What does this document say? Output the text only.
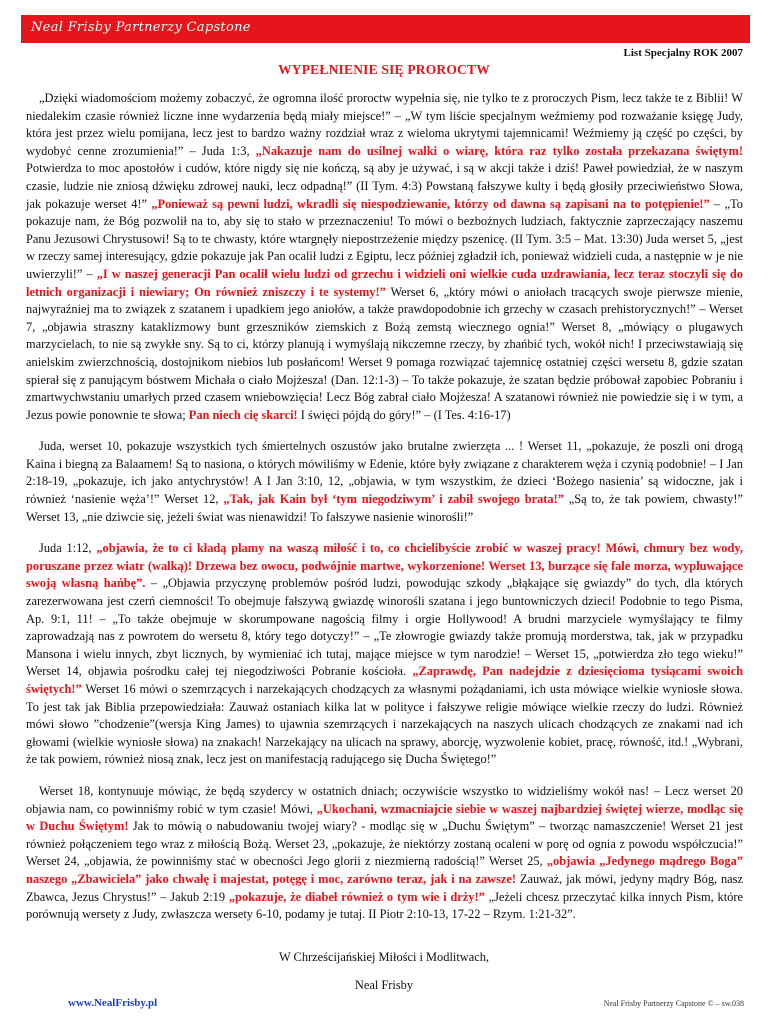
Neal Frisby Partnerzy Capstone
List Specjalny ROK 2007
WYPEŁNIENIE SIĘ PROROCTW

„Dzięki wiadomościom możemy zobaczyć, że ogromna ilość proroctw wypełnia się, nie tylko te z proroczych Pism, lecz także te z Biblii! W niedalekim czasie również liczne inne wydarzenia będą miały miejsce!” – „W tym liście specjalnym weźmiemy pod rozważanie księgę Judy, która jest przez wielu pomijana, lecz jest to bardzo ważny rozdział wraz z wieloma ukrytymi tajemnicami! Weźmiemy ją część po części, by wydobyć cenne zrozumienia!” – Juda 1:3, „Nakazuje nam do usilnej walki o wiarę, która raz tylko została przekazana świętym! Potwierdza to moc apostołów i cudów, które nigdy się nie kończą, są aby je używać, i są w akcji także i dziś! Paweł powiedział, że w naszym czasie, ludzie nie zniosą dźwięku zdrowej nauki, lecz odpadną!” (II Tym. 4:3) Powstaną fałszywe kulty i będą głosiły przeciwieństwo Słowa, jak pokazuje werset 4!” „Ponieważ są pewni ludzi, wkradli się niespodziewanie, którzy od dawna są zapisani na to potępienie!” – „To pokazuje nam, że Bóg pozwolił na to, aby się to stało w przeznaczeniu! To mówi o bezbożnych ludziach, faktycznie zaprzeczający naszemu Panu Jezusowi Chrystusowi! Są to te chwasty, które wtargnęły niepostrzeżenie między pszenicę. (II Tym. 3:5 – Mat. 13:30) Juda werset 5, „jest w rzeczy samej interesujący, gdzie pokazuje jak Pan ocalił ludzi z Egiptu, lecz później zgładził ich, ponieważ widzieli cuda, a następnie w je nie uwierzyli!” – „I w naszej generacji Pan ocalił wielu ludzi od grzechu i widzieli oni wielkie cuda uzdrawiania, lecz teraz stoczyli się do letnich organizacji i niewiary; On również zniszczy i te systemy!” Werset 6, „który mówi o aniołach tracących swoje pierwsze mienie, najwyraźniej ma to związek z szatanem i upadkiem jego aniołów, a także prawdopodobnie ich grzechy w czasach prehistorycznych!” – Werset 7, „objawia straszny kataklizmowy bunt grzeszników ziemskich z Bożą zemstą wiecznego ognia!” Werset 8, „mówiący o plugawych marzycielach, to nie są zwykłe sny. Są to ci, którzy planują i wymyślają nikczemne rzeczy, by zhańbić tych, wokół nich! I przeciwstawiają się anielskim zwierzchnością, dostojnikom niebios lub posłańcom! Werset 9 pomaga rozwiązać tajemnicę ostatniej części wersetu 8, gdzie szatan spierał się z panującym bóstwem Michała o ciało Mojżesza! (Dan. 12:1-3) – To także pokazuje, że szatan będzie próbował zapobiec Pobraniu i zmartwychwstaniu umarłych przed czasem wniebowzięcia! Lecz Bóg zabrał ciało Mojżesza! A szatanowi również nie powiedzie się i w tym, a Jezus powie ponownie te słowa; Pan niech cię skarci! I święci pójdą do góry!” – (I Tes. 4:16-17)

Juda, werset 10, pokazuje wszystkich tych śmiertelnych oszustów jako brutalne zwierzęta ... ! Werset 11, „pokazuje, że poszli oni drogą Kaina i biegną za Balaamem! Są to nasiona, o których mówiliśmy w Edenie, które były związane z charakterem węża i czynią podobnie! – I Jan 2:18-19, „pokazuje, ich jako antychrystów! A I Jan 3:10, 12, „objawia, w tym wszystkim, że dzieci ‘Bożego nasienia’ są widoczne, jak i również ‘nasienie węża’!” Werset 12, „Tak, jak Kain był ‘tym niegodziwym’ i zabił swojego brata!” „Są to, że tak powiem, chwasty!” Werset 13, „nie dziwcie się, jeżeli świat was nienawidzi! To fałszywe nasienie winorośli!”

Juda 1:12, „objawia, że to ci kładą plamy na waszą miłość i to, co chcielibyście zrobić w waszej pracy! Mówi, chmury bez wody, poruszane przez wiatr (walką)! Drzewa bez owocu, podwójnie martwe, wykorzenione! Werset 13, burzące się fale morza, wypluwające swoją własną hańbę”. – „Objawia przyczynę problemów pośród ludzi, powodując szkody „błąkające się gwiazdy” do tych, dla których zarezerwowana jest czerń ciemności! To obejmuje fałszywą gwiazdę winorośli szatana i jego buntowniczych dzieci! Podobnie to tego Pisma, Ap. 9:1, 11! – „To także obejmuje w skorumpowane nagością filmy i orgie Hollywood! A brudni marzyciele wymyślający te filmy zaprowadzają nas z powrotem do wersetu 8, który tego dotyczy!” – „Te złowrogie gwiazdy także promują morderstwa, tak, jak w przypadku Mansona i wielu innych, zbyt licznych, by wymieniać ich tutaj, mające miejsce w tym narodzie! – Werset 15, „potwierdza zło tego wieku!” Werset 14, objawia pośrodku całej tej niegodziwości Pobranie kościoła. „Zaprawdę, Pan nadejdzie z dziesięcioma tysiącami swoich świętych!” Werset 16 mówi o szemrzących i narzekających chodzących za własnymi pożądaniami, ich usta mówiące wielkie wyniosłe słowa. To jest tak jak Biblia przepowiedziała: Zauważ ostaniach kilka lat w polityce i fałszywe religie mówiące wielkie rzeczy do ludzi. Również mówi słowo ”chodzenie”(wersja King James) to ujawnia szemrzących i narzekających na naszych ulicach chodzących ze znakami nad ich głowami (wielkie wyniosłe słowa) na znakach! Narzekający na ulicach na sprawy, aborcję, wyzwolenie kobiet, pracę, równość, itd.! „Wybrani, że tak powiem, również niosą znak, lecz jest on manifestacją radującego się Ducha Świętego!”

Werset 18, kontynuuje mówiąc, że będą szydercy w ostatnich dniach; oczywiście wszystko to widzieliśmy wokół nas! – Lecz werset 20 objawia nam, co powinniśmy robić w tym czasie! Mówi, „Ukochani, wzmacniajcie siebie w waszej najbardziej świętej wierze, modląc się w Duchu Świętym! Jak to mówią o nabudowaniu twojej wiary? - modląc się w „Duchu Świętym” – tworząc namaszczenie! Werset 21 jest również połączeniem tego wraz z miłością Bożą. Werset 23, „pokazuje, że niektórzy zostaną ocaleni w porę od ognia z powodu współczucia!” Werset 24, „objawia, że powinniśmy stać w obecności Jego glorii z niezmierną radością!” Werset 25, „objawia „Jedynego mądrego Boga” naszego „Zbawiciela” jako chwałę i majestat, potęgę i moc, zarówno teraz, jak i na zawsze! Zauważ, jak mówi, jedyny mądry Bóg, nasz Zbawca, Jezus Chrystus!” – Jakub 2:19 „pokazuje, że diabeł również o tym wie i drży!” „Jeżeli chcesz przeczytać kilka innych Pism, które porównują wersety z Judy, zwłaszcza wersety 6-10, podamy je tutaj. II Piotr 2:10-13, 17-22 – Rzym. 1:21-32”.

W Chrześcijańskiej Miłości i Modlitwach,
Neal Frisby
www.NealFrisby.pl	Neal Frisby Partnerzy Capstone © – sw.038
